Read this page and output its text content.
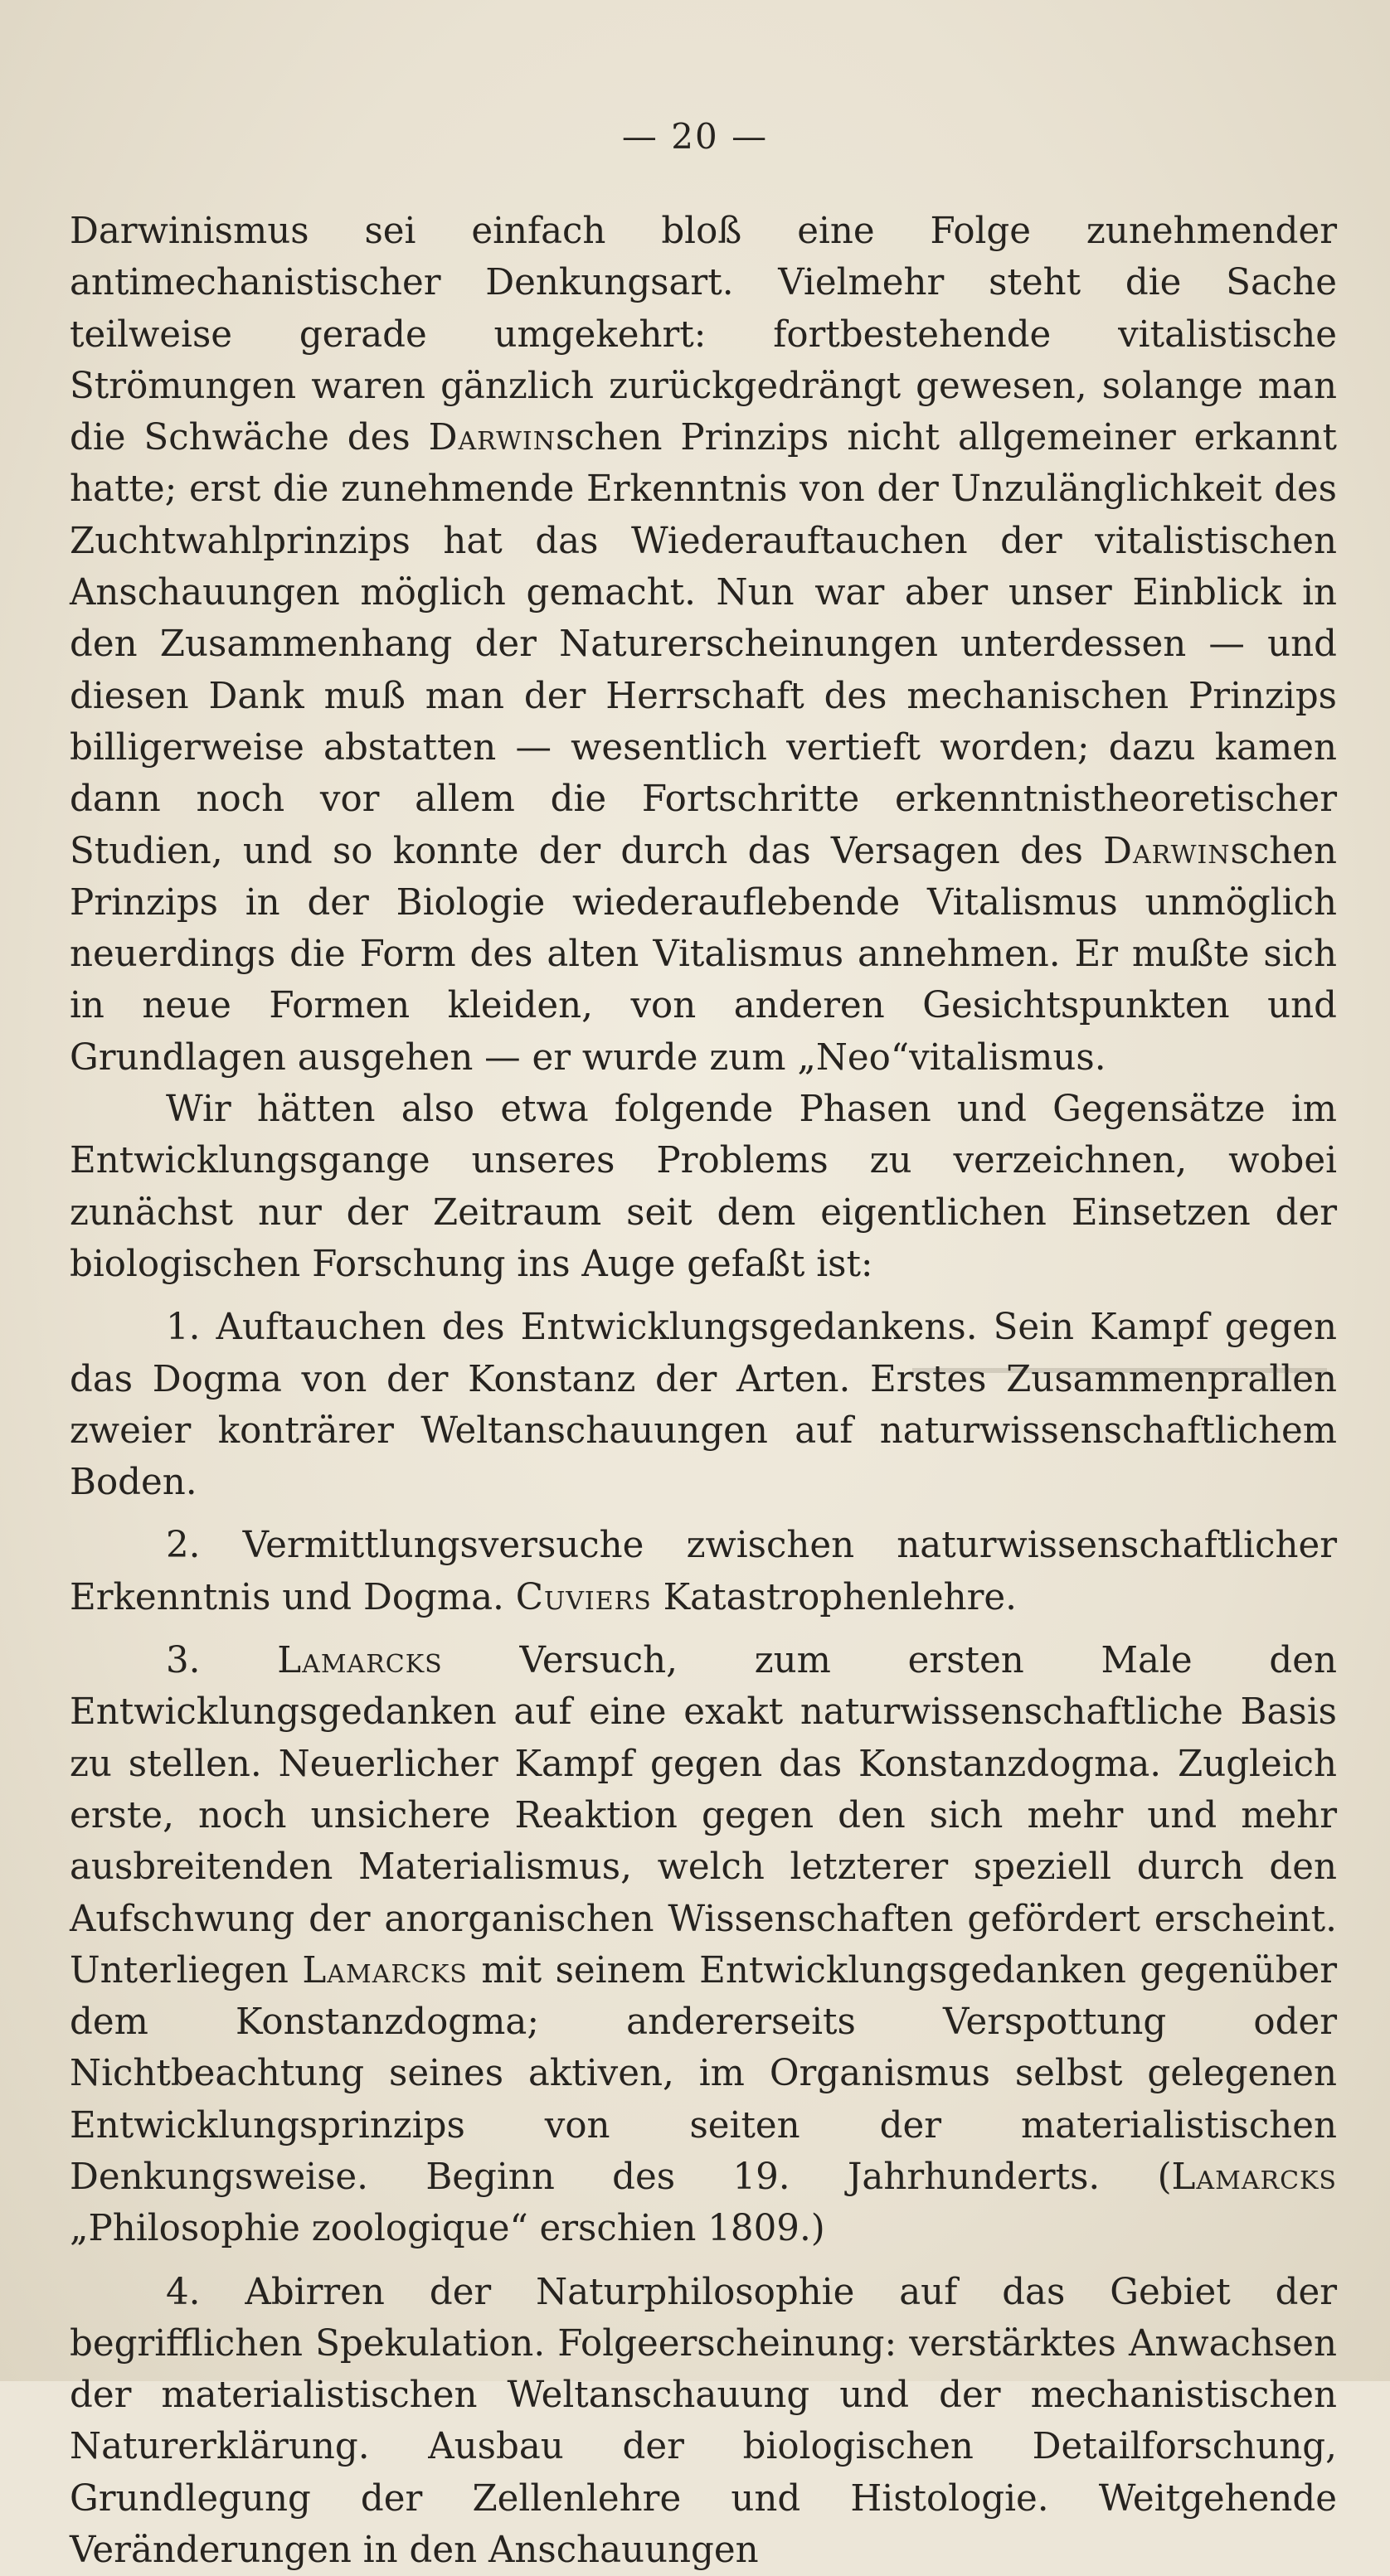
— 20 —

Darwinismus sei einfach bloß eine Folge zunehmender antimechanistischer Denkungsart. Vielmehr steht die Sache teilweise gerade umgekehrt: fortbestehende vitalistische Strömungen waren gänzlich zurückgedrängt gewesen, solange man die Schwäche des Darwinschen Prinzips nicht allgemeiner erkannt hatte; erst die zunehmende Erkenntnis von der Unzulänglichkeit des Zuchtwahlprinzips hat das Wiederauftauchen der vitalistischen Anschauungen möglich gemacht. Nun war aber unser Einblick in den Zusammenhang der Naturerscheinungen unterdessen — und diesen Dank muß man der Herrschaft des mechanischen Prinzips billigerweise abstatten — wesentlich vertieft worden; dazu kamen dann noch vor allem die Fortschritte erkenntnistheoretischer Studien, und so konnte der durch das Versagen des Darwinschen Prinzips in der Biologie wiederauflebende Vitalismus unmöglich neuerdings die Form des alten Vitalismus annehmen. Er mußte sich in neue Formen kleiden, von anderen Gesichtspunkten und Grundlagen ausgehen — er wurde zum „Neo“vitalismus.

Wir hätten also etwa folgende Phasen und Gegensätze im Entwicklungsgange unseres Problems zu verzeichnen, wobei zunächst nur der Zeitraum seit dem eigentlichen Einsetzen der biologischen Forschung ins Auge gefaßt ist:

1. Auftauchen des Entwicklungsgedankens. Sein Kampf gegen das Dogma von der Konstanz der Arten. Erstes Zusammenprallen zweier konträrer Weltanschauungen auf naturwissenschaftlichem Boden.

2. Vermittlungsversuche zwischen naturwissenschaftlicher Erkenntnis und Dogma. Cuviers Katastrophenlehre.

3. Lamarcks Versuch, zum ersten Male den Entwicklungsgedanken auf eine exakt naturwissenschaftliche Basis zu stellen. Neuerlicher Kampf gegen das Konstanzdogma. Zugleich erste, noch unsichere Reaktion gegen den sich mehr und mehr ausbreitenden Materialismus, welch letzterer speziell durch den Aufschwung der anorganischen Wissenschaften gefördert erscheint. Unterliegen Lamarcks mit seinem Entwicklungsgedanken gegenüber dem Konstanzdogma; andererseits Verspottung oder Nichtbeachtung seines aktiven, im Organismus selbst gelegenen Entwicklungsprinzips von seiten der materialistischen Denkungsweise. Beginn des 19. Jahrhunderts. (Lamarcks „Philosophie zoologique“ erschien 1809.)

4. Abirren der Naturphilosophie auf das Gebiet der begrifflichen Spekulation. Folgeerscheinung: verstärktes Anwachsen der materialistischen Weltanschauung und der mechanistischen Naturerklärung. Ausbau der biologischen Detailforschung, Grundlegung der Zellenlehre und Histologie. Weitgehende Veränderungen in den Anschauungen
